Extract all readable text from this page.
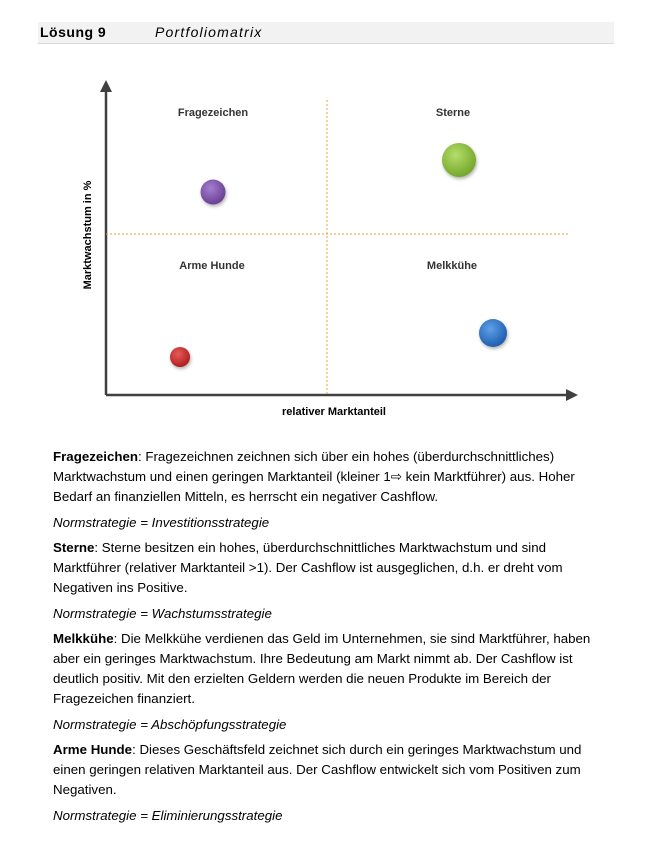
Lösung 9	Portfoliomatrix
Fragezeichen	Sterne
Arme Hunde	Melkkühe
relativer Marktanteil
Marktwachstum in %

Fragezeichen: Fragezeichnen zeichnen sich über ein hohes (überdurchschnittliches) Marktwachstum und einen geringen Marktanteil (kleiner 1⇨ kein Marktführer) aus. Hoher Bedarf an finanziellen Mitteln, es herrscht ein negativer Cashflow.

Normstrategie = Investitionsstrategie

Sterne: Sterne besitzen ein hohes, überdurchschnittliches Marktwachstum und sind Marktführer (relativer Marktanteil >1). Der Cashflow ist ausgeglichen, d.h. er dreht vom Negativen ins Positive.

Normstrategie = Wachstumsstrategie

Melkkühe: Die Melkkühe verdienen das Geld im Unternehmen, sie sind Marktführer, haben aber ein geringes Marktwachstum. Ihre Bedeutung am Markt nimmt ab. Der Cashflow ist deutlich positiv. Mit den erzielten Geldern werden die neuen Produkte im Bereich der Fragezeichen finanziert.

Normstrategie = Abschöpfungsstrategie

Arme Hunde: Dieses Geschäftsfeld zeichnet sich durch ein geringes Marktwachstum und einen geringen relativen Marktanteil aus. Der Cashflow entwickelt sich vom Positiven zum Negativen.

Normstrategie = Eliminierungsstrategie
